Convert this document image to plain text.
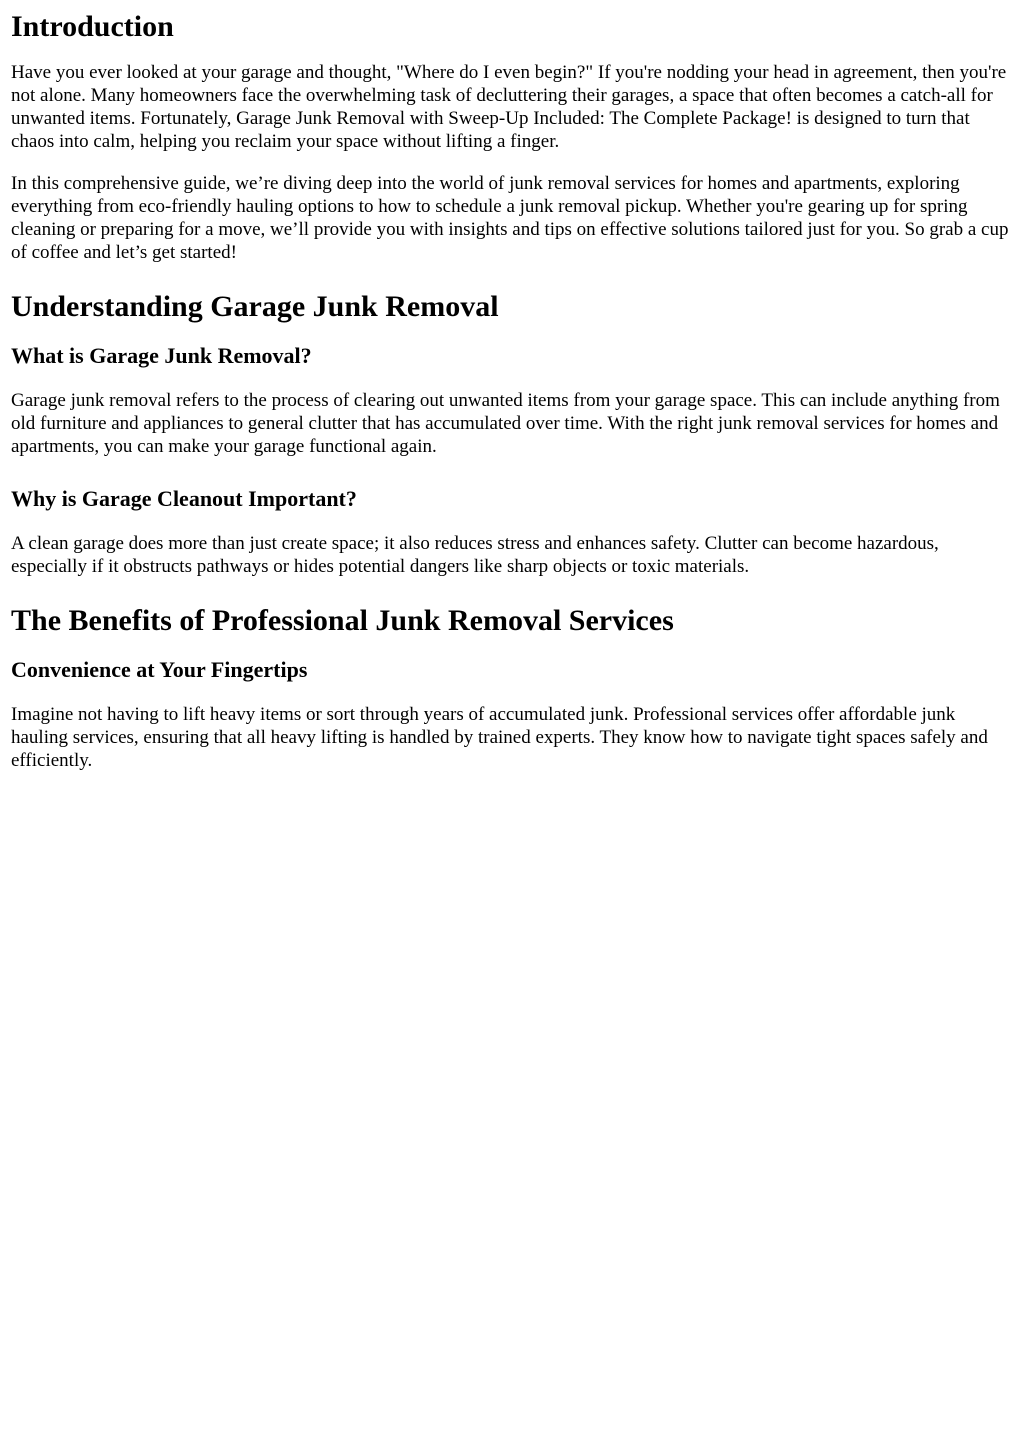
Introduction

Have you ever looked at your garage and thought, "Where do I even begin?" If you're nodding your head in agreement, then you're not alone. Many homeowners face the overwhelming task of decluttering their garages, a space that often becomes a catch-all for unwanted items. Fortunately, Garage Junk Removal with Sweep-Up Included: The Complete Package! is designed to turn that chaos into calm, helping you reclaim your space without lifting a finger.

In this comprehensive guide, we’re diving deep into the world of junk removal services for homes and apartments, exploring everything from eco-friendly hauling options to how to schedule a junk removal pickup. Whether you're gearing up for spring cleaning or preparing for a move, we’ll provide you with insights and tips on effective solutions tailored just for you. So grab a cup of coffee and let’s get started!

Understanding Garage Junk Removal
What is Garage Junk Removal?

Garage junk removal refers to the process of clearing out unwanted items from your garage space. This can include anything from old furniture and appliances to general clutter that has accumulated over time. With the right junk removal services for homes and apartments, you can make your garage functional again.

Why is Garage Cleanout Important?

A clean garage does more than just create space; it also reduces stress and enhances safety. Clutter can become hazardous, especially if it obstructs pathways or hides potential dangers like sharp objects or toxic materials.

The Benefits of Professional Junk Removal Services
Convenience at Your Fingertips

Imagine not having to lift heavy items or sort through years of accumulated junk. Professional services offer affordable junk hauling services, ensuring that all heavy lifting is handled by trained experts. They know how to navigate tight spaces safely and efficiently.
